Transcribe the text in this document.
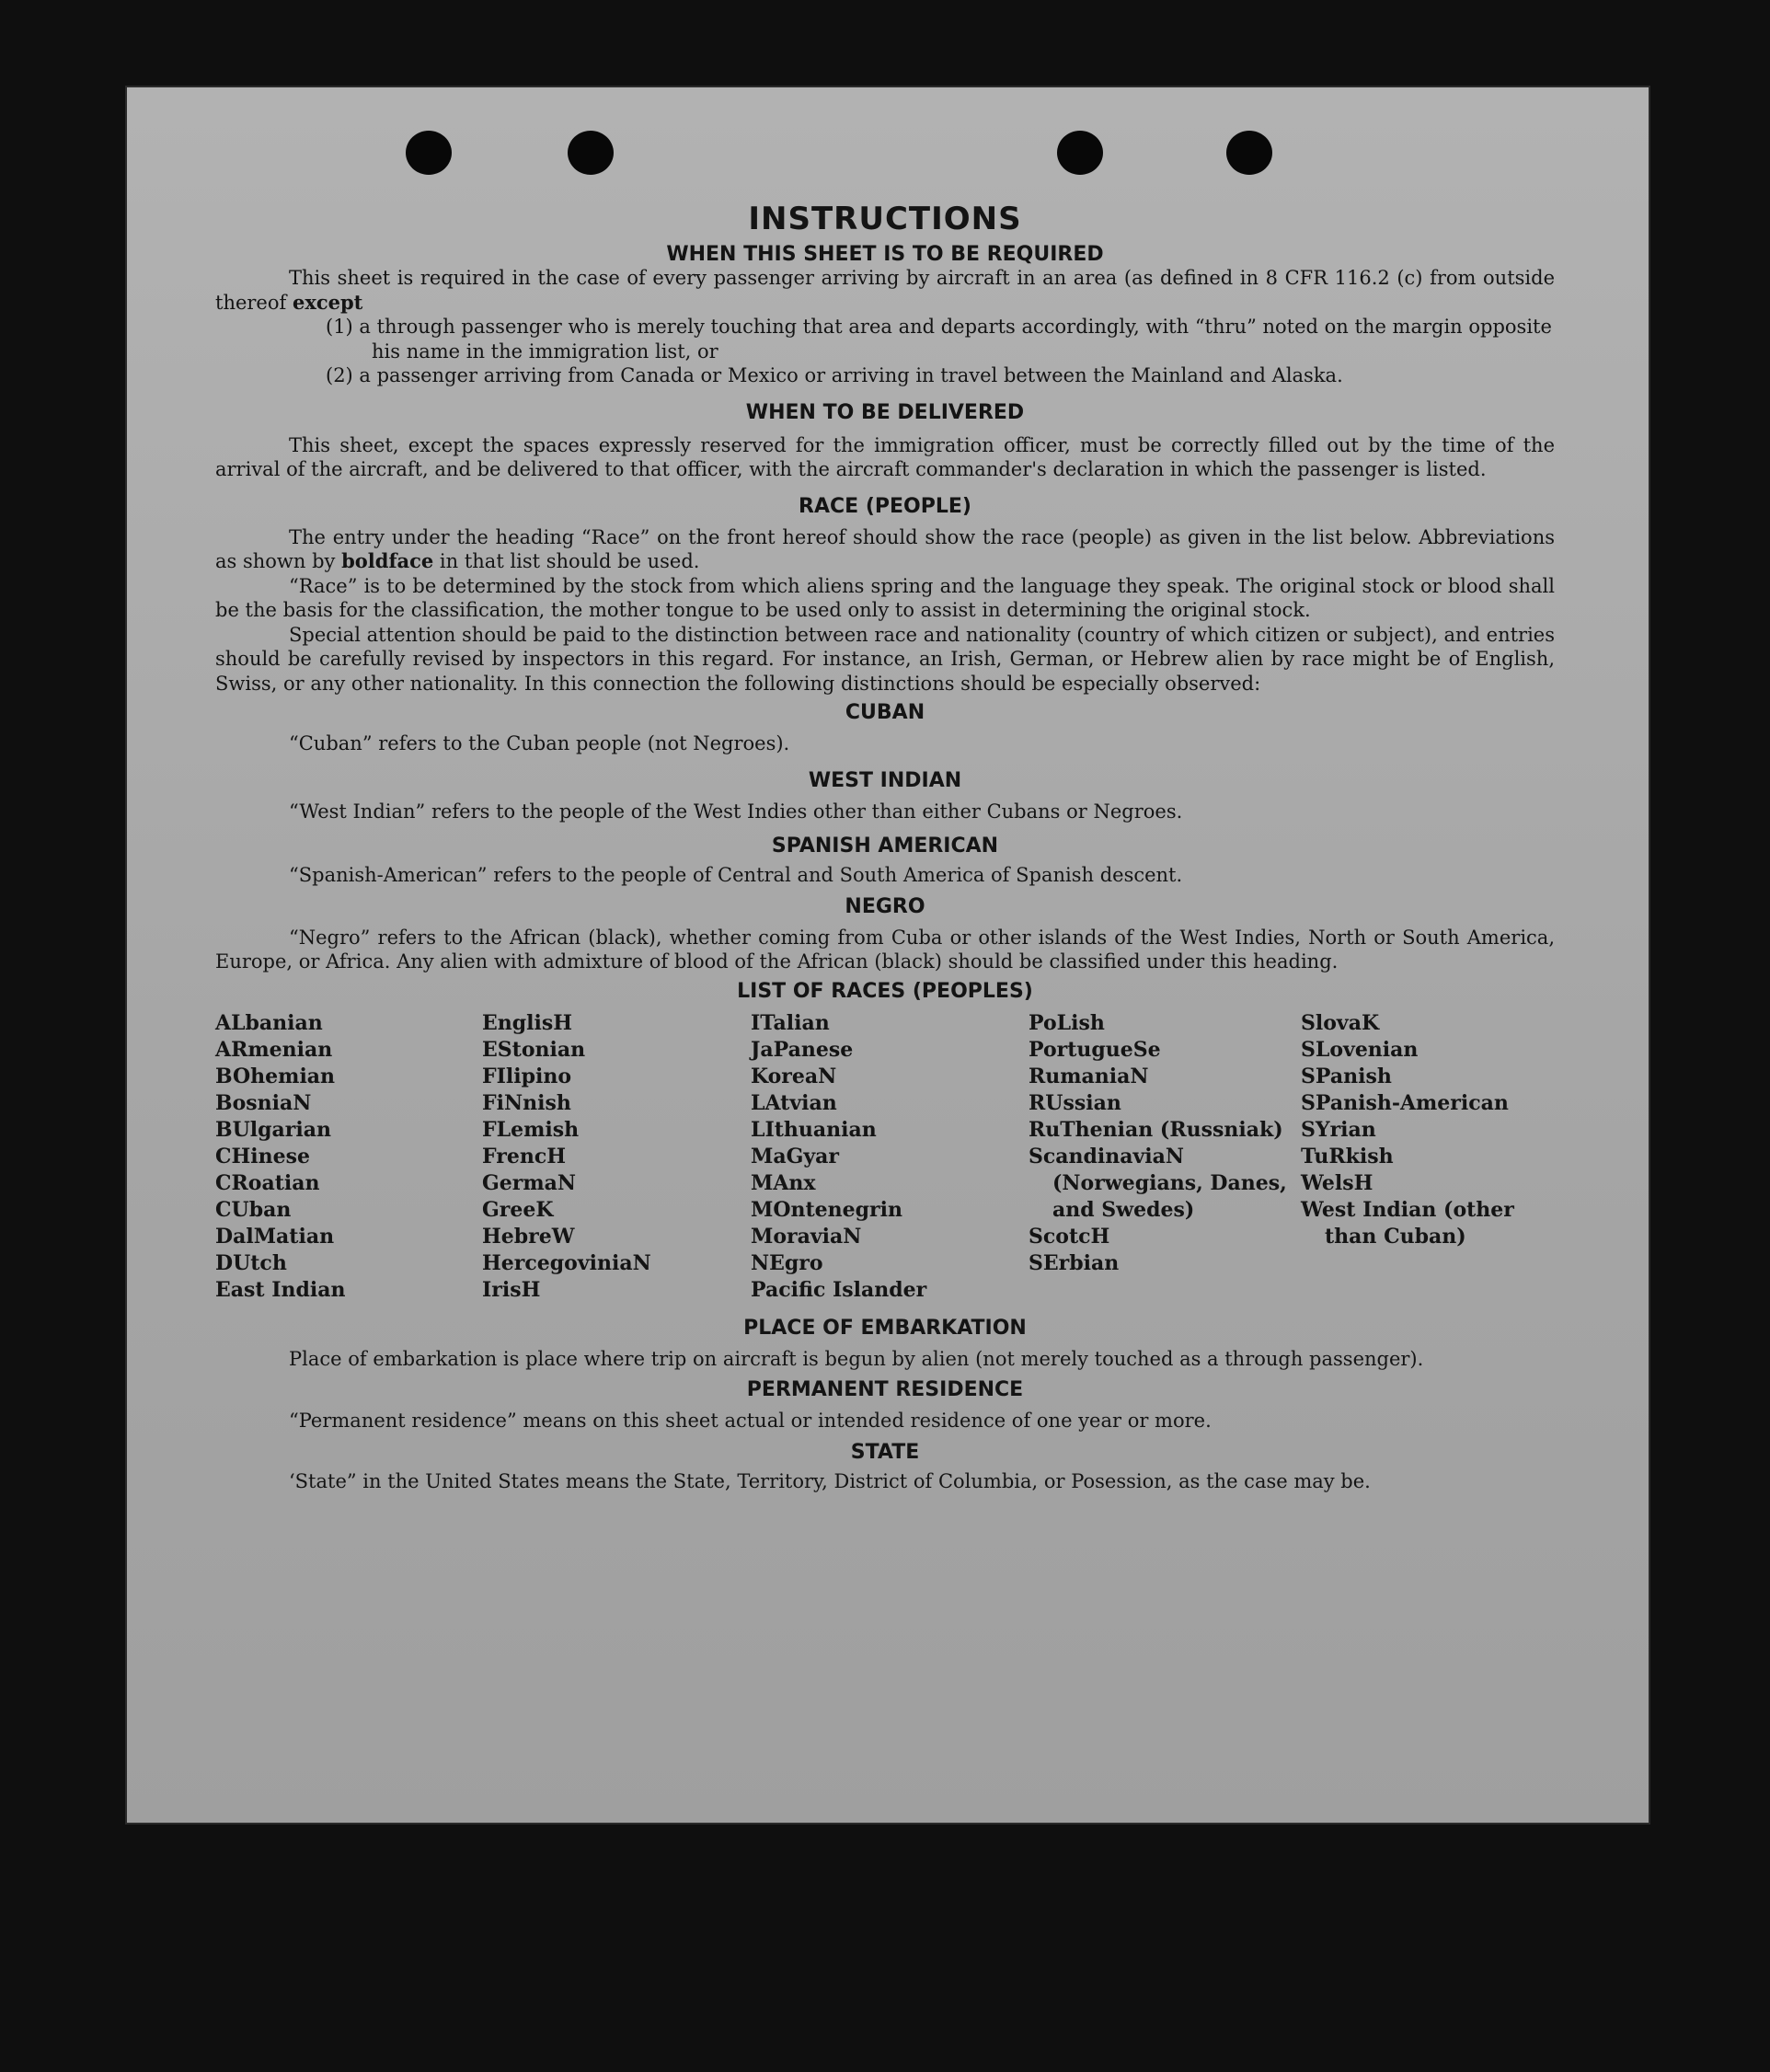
INSTRUCTIONS
WHEN THIS SHEET IS TO BE REQUIRED

This sheet is required in the case of every passenger arriving by aircraft in an area (as defined in 8 CFR 116.2 (c) from outside thereof except

(1) a through passenger who is merely touching that area and departs accordingly, with “thru” noted on the margin opposite his name in the immigration list, or
(2) a passenger arriving from Canada or Mexico or arriving in travel between the Mainland and Alaska.
WHEN TO BE DELIVERED

This sheet, except the spaces expressly reserved for the immigration officer, must be correctly filled out by the time of the arrival of the aircraft, and be delivered to that officer, with the aircraft commander's declaration in which the passenger is listed.

RACE (PEOPLE)

The entry under the heading “Race” on the front hereof should show the race (people) as given in the list below. Abbreviations as shown by boldface in that list should be used.

“Race” is to be determined by the stock from which aliens spring and the language they speak. The original stock or blood shall be the basis for the classification, the mother tongue to be used only to assist in determining the original stock.

Special attention should be paid to the distinction between race and nationality (country of which citizen or subject), and entries should be carefully revised by inspectors in this regard. For instance, an Irish, German, or Hebrew alien by race might be of English, Swiss, or any other nationality. In this connection the following distinctions should be especially observed:

CUBAN

“Cuban” refers to the Cuban people (not Negroes).

WEST INDIAN

“West Indian” refers to the people of the West Indies other than either Cubans or Negroes.

SPANISH AMERICAN

“Spanish-American” refers to the people of Central and South America of Spanish descent.

NEGRO

“Negro” refers to the African (black), whether coming from Cuba or other islands of the West Indies, North or South America, Europe, or Africa. Any alien with admixture of blood of the African (black) should be classified under this heading.

LIST OF RACES (PEOPLES)
ALbanian
ARmenian
BOhemian
BosniaN
BUlgarian
CHinese
CRoatian
CUban
DalMatian
DUtch
East Indian
EnglisH
EStonian
FIlipino
FiNnish
FLemish
FrencH
GermaN
GreeK
HebreW
HercegoviniaN
IrisH
ITalian
JaPanese
KoreaN
LAtvian
LIthuanian
MaGyar
MAnx
MOntenegrin
MoraviaN
NEgro
Pacific Islander
PoLish
PortugueSe
RumaniaN
RUssian
RuThenian (Russniak)
ScandinaviaN (Norwegians, Danes, and Swedes)
ScotcH
SErbian
SlovaK
SLovenian
SPanish
SPanish-American
SYrian
TuRkish
WelsH
West Indian (other than Cuban)
PLACE OF EMBARKATION

Place of embarkation is place where trip on aircraft is begun by alien (not merely touched as a through passenger).

PERMANENT RESIDENCE

“Permanent residence” means on this sheet actual or intended residence of one year or more.

STATE

‘State” in the United States means the State, Territory, District of Columbia, or Posession, as the case may be.
